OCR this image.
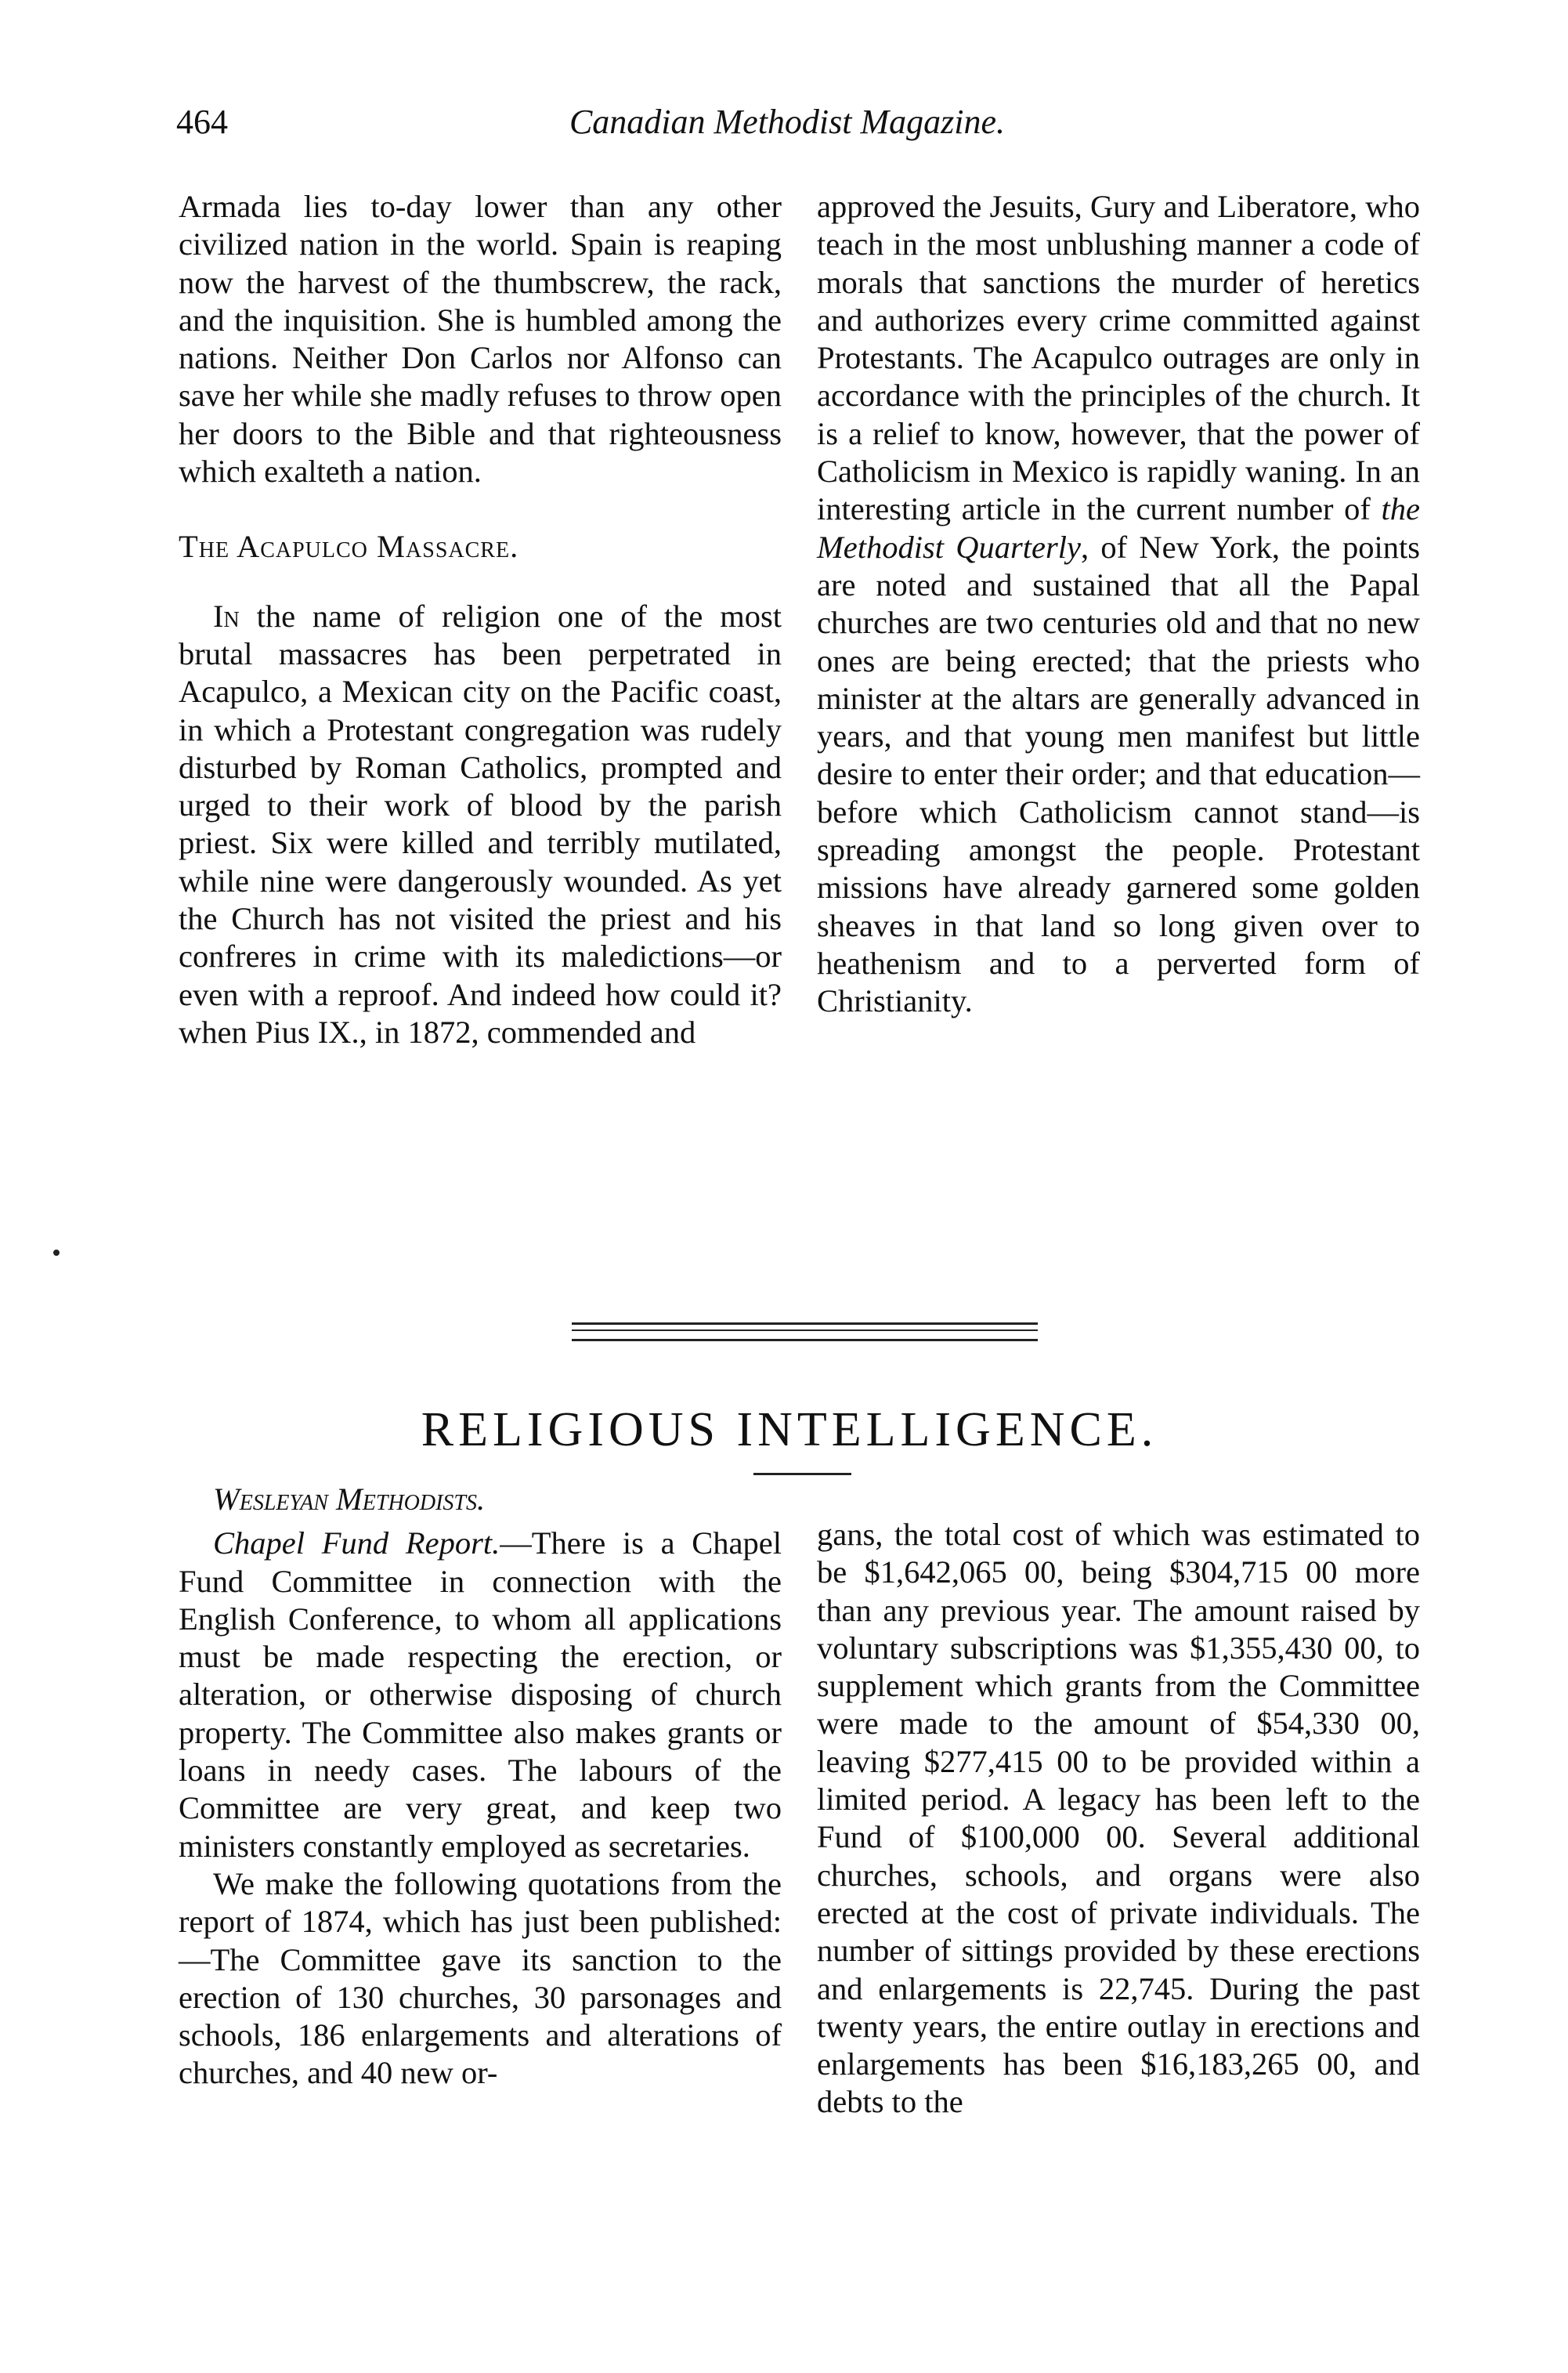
464	Canadian Methodist Magazine.

Armada lies to-day lower than any other civilized nation in the world. Spain is reaping now the harvest of the thumbscrew, the rack, and the inquisition. She is humbled among the nations. Neither Don Carlos nor Alfonso can save her while she madly refuses to throw open her doors to the Bible and that righteousness which exalteth a nation.

The Acapulco Massacre.

In the name of religion one of the most brutal massacres has been perpetrated in Acapulco, a Mexican city on the Pacific coast, in which a Protestant congregation was rudely disturbed by Roman Catholics, prompted and urged to their work of blood by the parish priest. Six were killed and terribly mutilated, while nine were dangerously wounded. As yet the Church has not visited the priest and his confreres in crime with its maledictions—or even with a reproof. And indeed how could it? when Pius IX., in 1872, commended and

approved the Jesuits, Gury and Liberatore, who teach in the most unblushing manner a code of morals that sanctions the murder of heretics and authorizes every crime committed against Protestants. The Acapulco outrages are only in accordance with the principles of the church. It is a relief to know, however, that the power of Catholicism in Mexico is rapidly waning. In an interesting article in the current number of the Methodist Quarterly, of New York, the points are noted and sustained that all the Papal churches are two centuries old and that no new ones are being erected; that the priests who minister at the altars are generally advanced in years, and that young men manifest but little desire to enter their order; and that education—before which Catholicism cannot stand—is spreading amongst the people. Protestant missions have already garnered some golden sheaves in that land so long given over to heathenism and to a perverted form of Christianity.

RELIGIOUS INTELLIGENCE.

Wesleyan Methodists.

Chapel Fund Report.—There is a Chapel Fund Committee in connection with the English Conference, to whom all applications must be made respecting the erection, or alteration, or otherwise disposing of church property. The Committee also makes grants or loans in needy cases. The labours of the Committee are very great, and keep two ministers constantly employed as secretaries.

We make the following quotations from the report of 1874, which has just been published:—The Committee gave its sanction to the erection of 130 churches, 30 parsonages and schools, 186 enlargements and alterations of churches, and 40 new or-

gans, the total cost of which was estimated to be $1,642,065 00, being $304,715 00 more than any previous year. The amount raised by voluntary subscriptions was $1,355,430 00, to supplement which grants from the Committee were made to the amount of $54,330 00, leaving $277,415 00 to be provided within a limited period. A legacy has been left to the Fund of $100,000 00. Several additional churches, schools, and organs were also erected at the cost of private individuals. The number of sittings provided by these erections and enlargements is 22,745. During the past twenty years, the entire outlay in erections and enlargements has been $16,183,265 00, and debts to the
